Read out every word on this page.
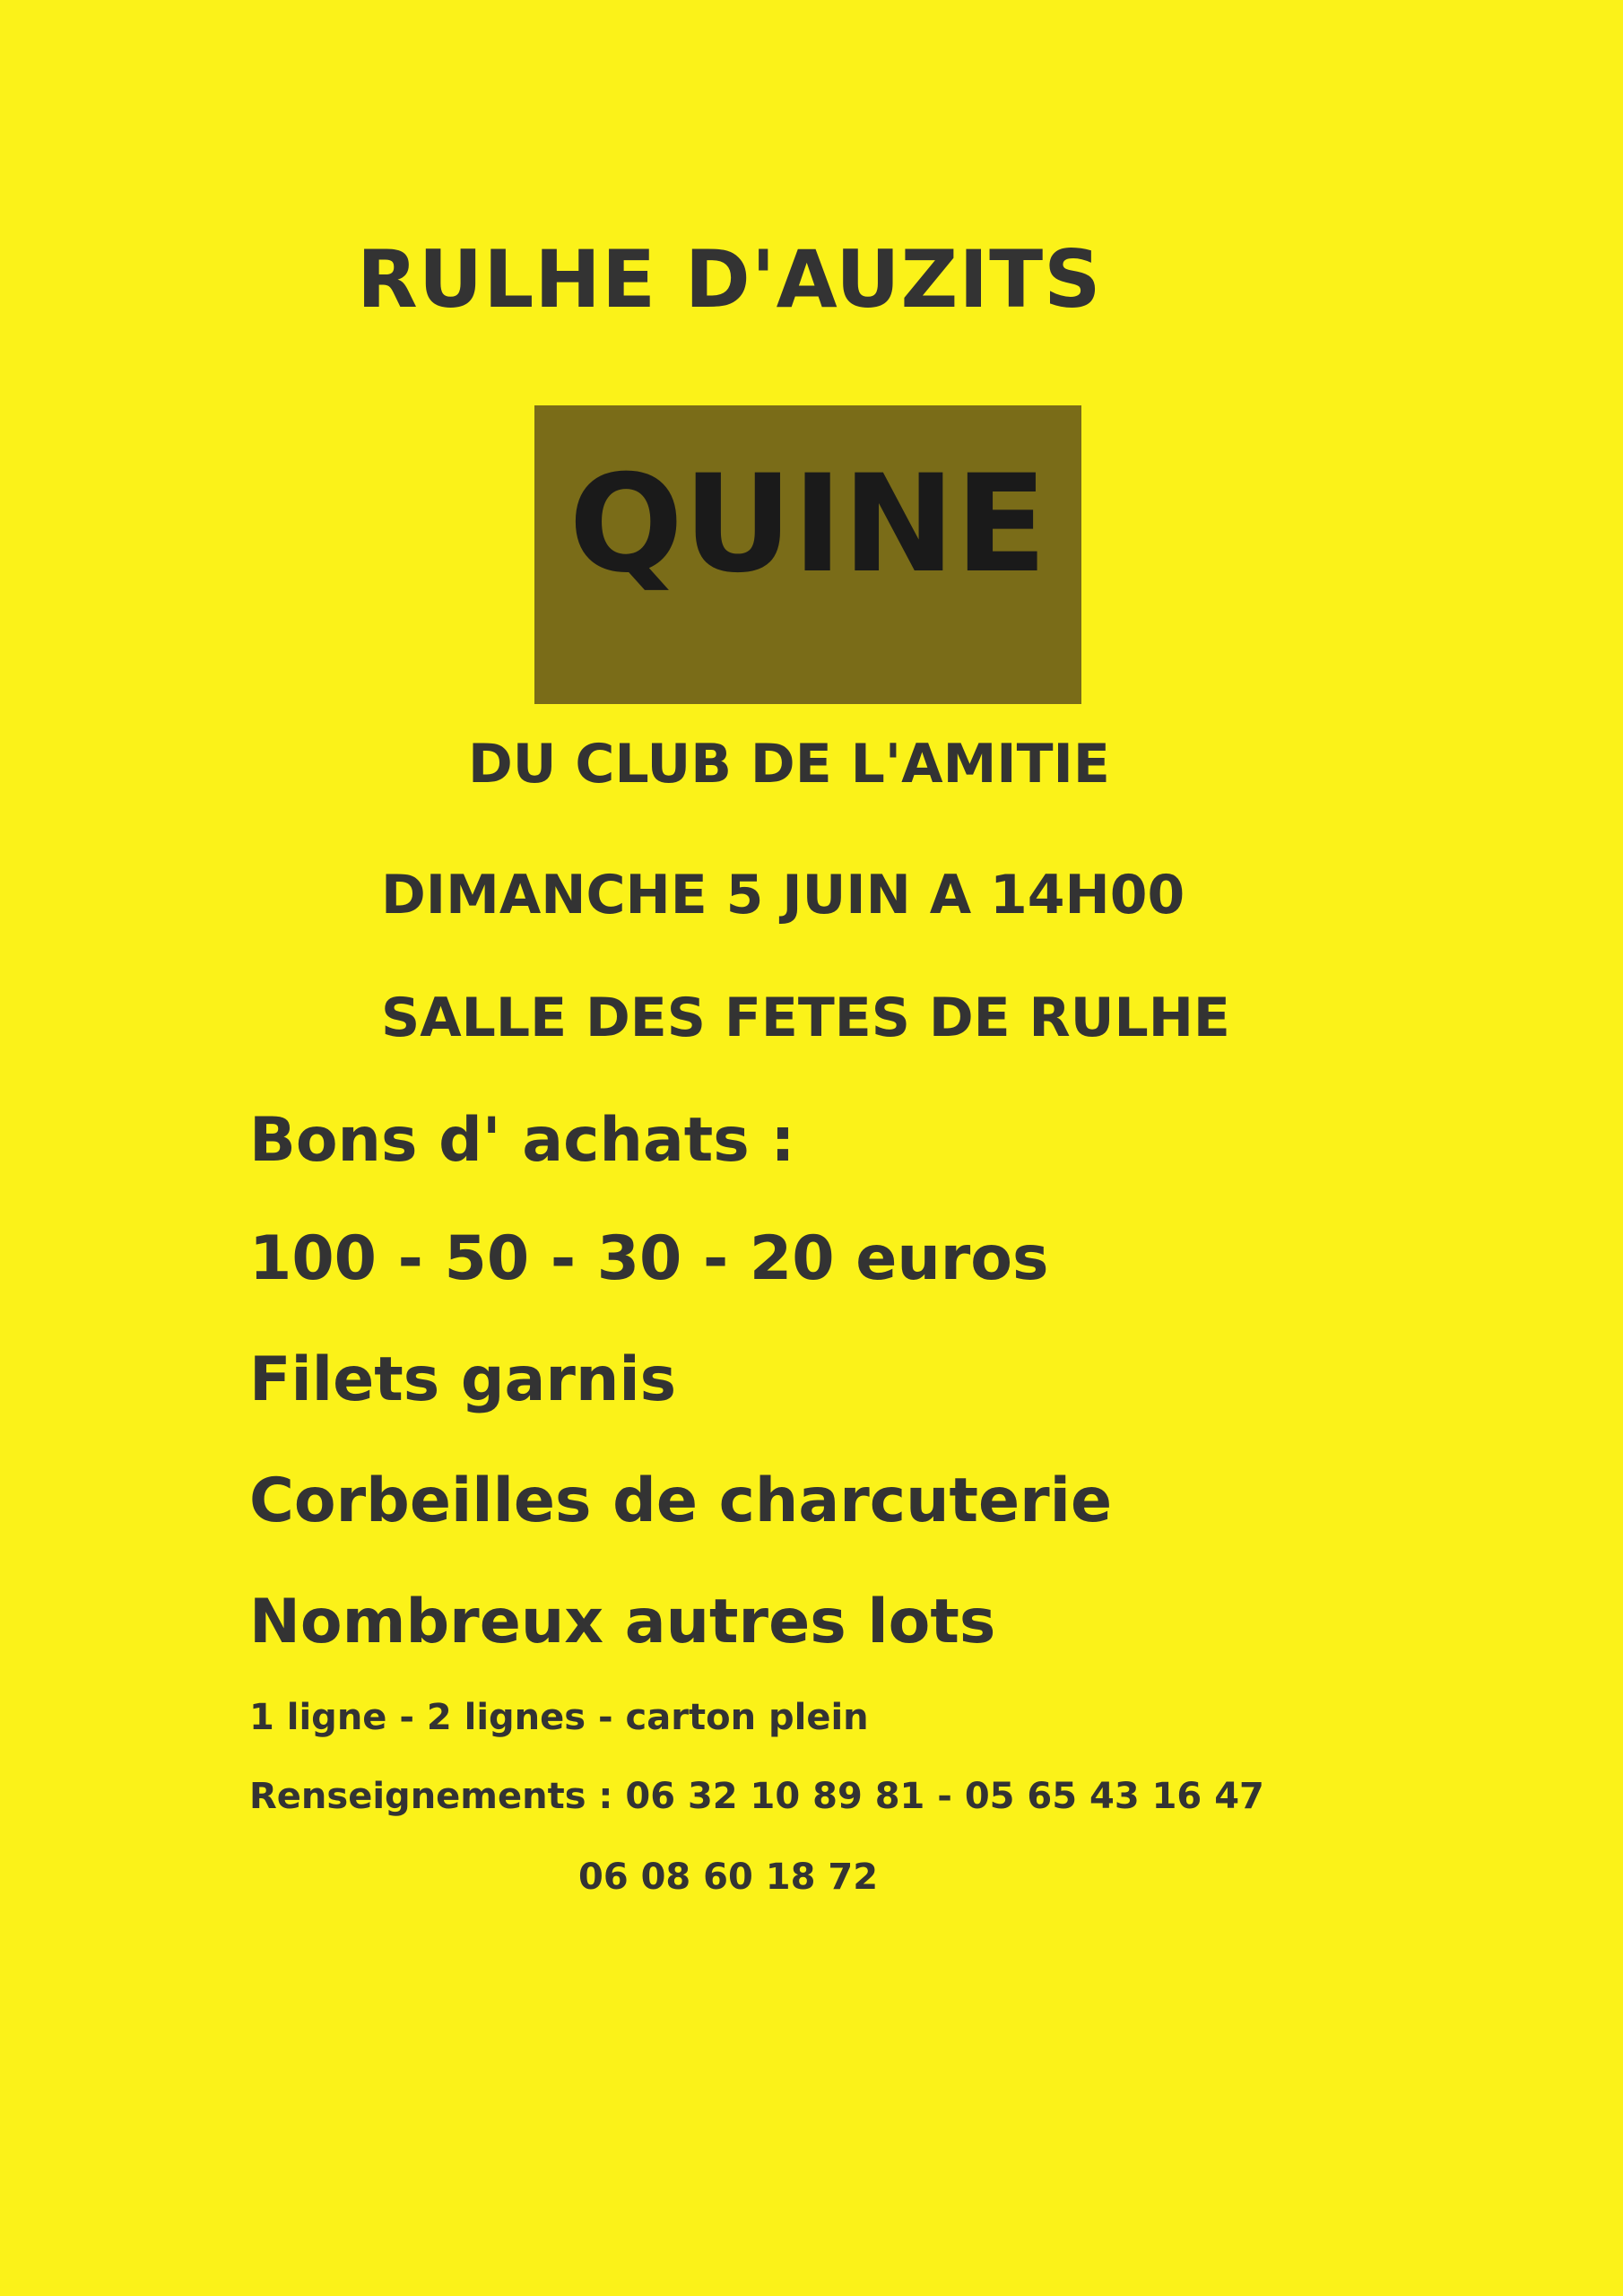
RULHE D'AUZITS
QUINE
DU CLUB DE L'AMITIE
DIMANCHE 5 JUIN A 14H00
SALLE DES FETES DE RULHE
Bons d' achats :
100 - 50 - 30 - 20 euros
Filets garnis
Corbeilles de charcuterie
Nombreux autres lots
1 ligne - 2 lignes - carton plein
Renseignements : 06 32 10 89 81 - 05 65 43 16 47
06 08 60 18 72
